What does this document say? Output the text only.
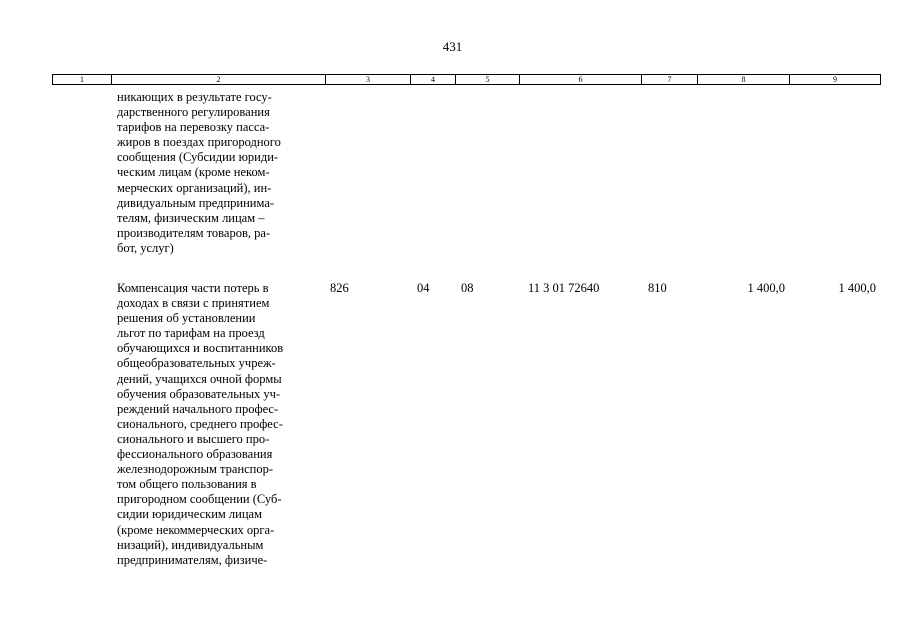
431
1	2	3	4	5	6	7	8	9
никающих в результате госу-
дарственного регулирования
тарифов на перевозку пасса-
жиров в поездах пригородного
сообщения (Субсидии юриди-
ческим лицам (кроме неком-
мерческих организаций), ин-
дивидуальным предпринима-
телям, физическим лицам –
производителям товаров, ра-
бот, услуг)
Компенсация части потерь в
доходах в связи с принятием
решения об установлении
льгот по тарифам на проезд
обучающихся и воспитанников
общеобразовательных учреж-
дений, учащихся очной формы
обучения образовательных уч-
реждений начального профес-
сионального, среднего профес-
сионального и высшего про-
фессионального образования
железнодорожным транспор-
том общего пользования в
пригородном сообщении (Суб-
сидии юридическим лицам
(кроме некоммерческих орга-
низаций), индивидуальным
предпринимателям, физиче-
826	04	08	11 3 01 72640	810	1 400,0	1 400,0
